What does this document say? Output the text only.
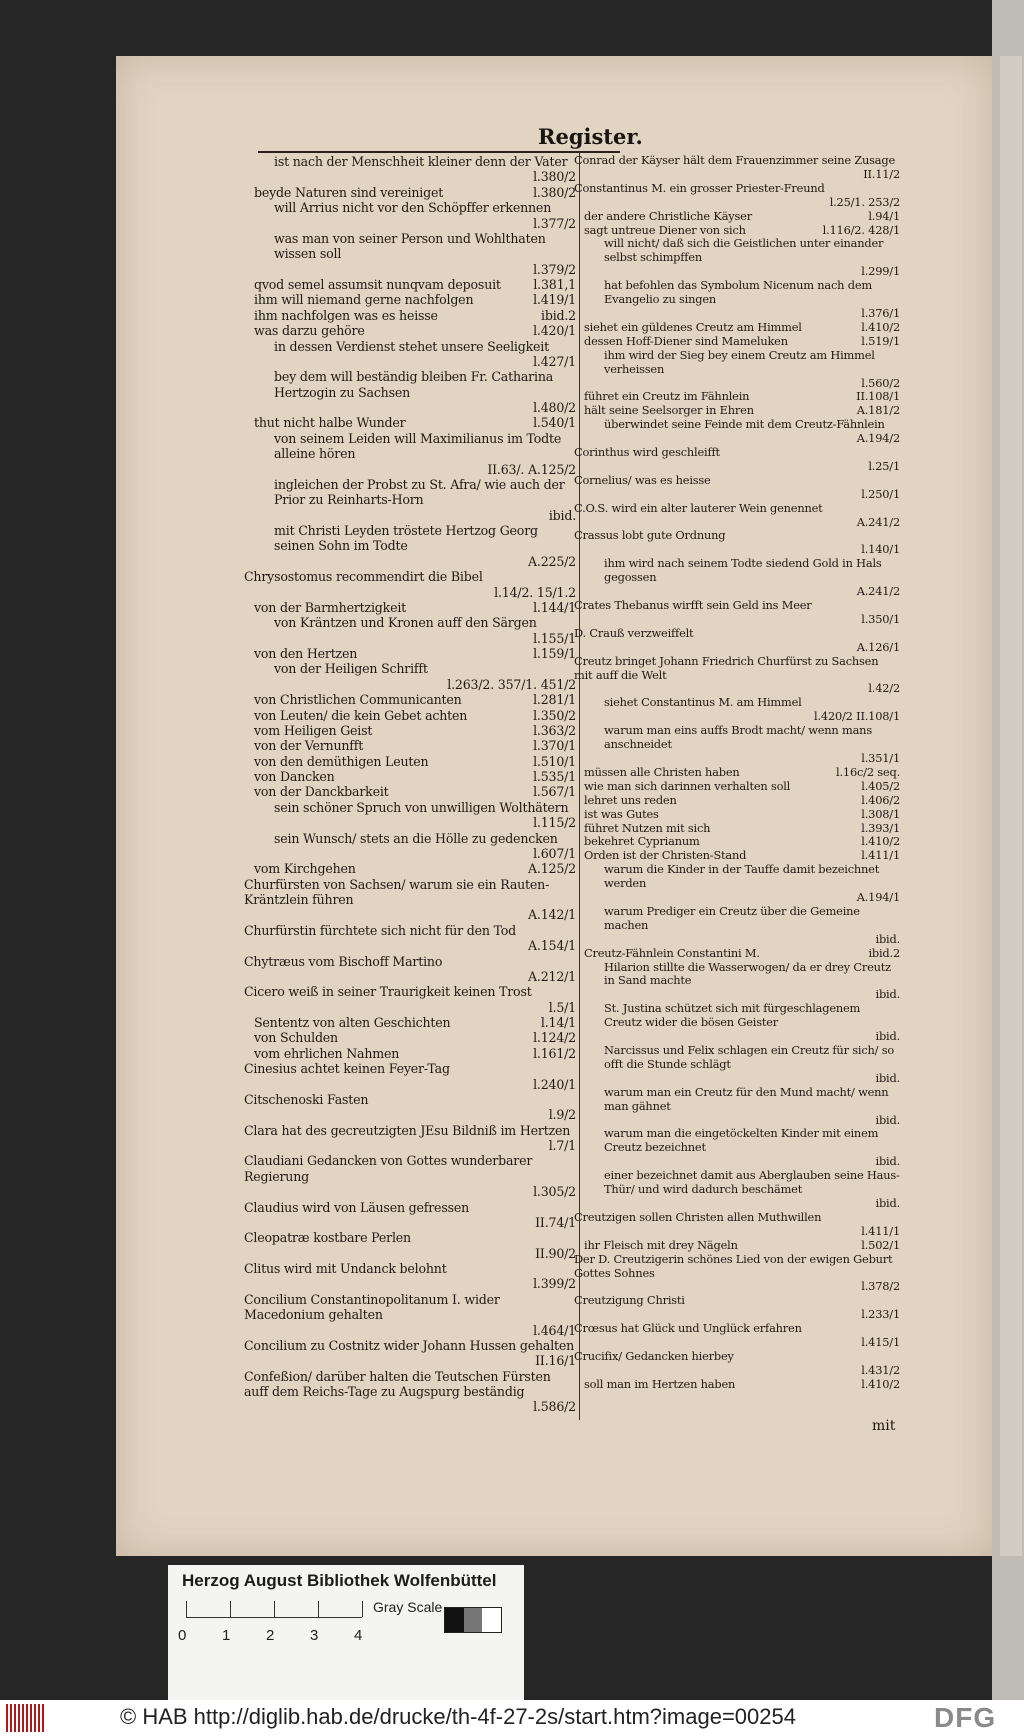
Register.
ist nach der Menschheit kleiner denn der Vater
l.380/2
beyde Naturen sind vereiniget	l.380/2
will Arrius nicht vor den Schöpffer erkennen
l.377/2
was man von seiner Person und Wohlthaten wissen soll
l.379/2
qvod semel assumsit nunqvam deposuit	l.381,1
ihm will niemand gerne nachfolgen	l.419/1
ihm nachfolgen was es heisse	ibid.2
was darzu gehöre	l.420/1
in dessen Verdienst stehet unsere Seeligkeit
l.427/1
bey dem will beständig bleiben Fr. Catharina Hertzogin zu Sachsen
l.480/2
thut nicht halbe Wunder	l.540/1
von seinem Leiden will Maximilianus im Todte alleine hören
II.63/. A.125/2
ingleichen der Probst zu St. Afra/ wie auch der Prior zu Reinharts-Horn
ibid.
mit Christi Leyden tröstete Hertzog Georg seinen Sohn im Todte
A.225/2
Chrysostomus recommendirt die Bibel
l.14/2. 15/1.2
von der Barmhertzigkeit	l.144/1
von Kräntzen und Kronen auff den Särgen
l.155/1
von den Hertzen	l.159/1
von der Heiligen Schrifft
l.263/2. 357/1. 451/2
von Christlichen Communicanten	l.281/1
von Leuten/ die kein Gebet achten	l.350/2
vom Heiligen Geist	l.363/2
von der Vernunfft	l.370/1
von den demüthigen Leuten	l.510/1
von Dancken	l.535/1
von der Danckbarkeit	l.567/1
sein schöner Spruch von unwilligen Wolthätern
l.115/2
sein Wunsch/ stets an die Hölle zu gedencken
l.607/1
vom Kirchgehen	A.125/2
Churfürsten von Sachsen/ warum sie ein Rauten-Kräntzlein führen
A.142/1
Churfürstin fürchtete sich nicht für den Tod
A.154/1
Chytræus vom Bischoff Martino
A.212/1
Cicero weiß in seiner Traurigkeit keinen Trost
l.5/1
Sententz von alten Geschichten	l.14/1
von Schulden	l.124/2
vom ehrlichen Nahmen	l.161/2
Cinesius achtet keinen Feyer-Tag
l.240/1
Citschenoski Fasten
l.9/2
Clara hat des gecreutzigten JEsu Bildniß im Hertzen
l.7/1
Claudiani Gedancken von Gottes wunderbarer Regierung
l.305/2
Claudius wird von Läusen gefressen
II.74/1
Cleopatræ kostbare Perlen
II.90/2
Clitus wird mit Undanck belohnt
l.399/2
Concilium Constantinopolitanum I. wider Macedonium gehalten
l.464/1
Concilium zu Costnitz wider Johann Hussen gehalten
II.16/1
Confeßion/ darüber halten die Teutschen Fürsten auff dem Reichs-Tage zu Augspurg beständig
l.586/2
Conrad der Käyser hält dem Frauenzimmer seine Zusage
II.11/2
Constantinus M. ein grosser Priester-Freund
l.25/1. 253/2
der andere Christliche Käyser	l.94/1
sagt untreue Diener von sich	l.116/2. 428/1
will nicht/ daß sich die Geistlichen unter einander selbst schimpffen
l.299/1
hat befohlen das Symbolum Nicenum nach dem Evangelio zu singen
l.376/1
siehet ein güldenes Creutz am Himmel	l.410/2
dessen Hoff-Diener sind Mameluken	l.519/1
ihm wird der Sieg bey einem Creutz am Himmel verheissen
l.560/2
führet ein Creutz im Fähnlein	II.108/1
hält seine Seelsorger in Ehren	A.181/2
überwindet seine Feinde mit dem Creutz-Fähnlein
A.194/2
Corinthus wird geschleifft
l.25/1
Cornelius/ was es heisse
l.250/1
C.O.S. wird ein alter lauterer Wein genennet
A.241/2
Crassus lobt gute Ordnung
l.140/1
ihm wird nach seinem Todte siedend Gold in Hals gegossen
A.241/2
Crates Thebanus wirfft sein Geld ins Meer
l.350/1
D. Crauß verzweiffelt
A.126/1
Creutz bringet Johann Friedrich Churfürst zu Sachsen mit auff die Welt
l.42/2
siehet Constantinus M. am Himmel
l.420/2 II.108/1
warum man eins auffs Brodt macht/ wenn mans anschneidet
l.351/1
müssen alle Christen haben	l.16c/2 seq.
wie man sich darinnen verhalten soll	l.405/2
lehret uns reden	l.406/2
ist was Gutes	l.308/1
führet Nutzen mit sich	l.393/1
bekehret Cyprianum	l.410/2
Orden ist der Christen-Stand	l.411/1
warum die Kinder in der Tauffe damit bezeichnet werden
A.194/1
warum Prediger ein Creutz über die Gemeine machen
ibid.
Creutz-Fähnlein Constantini M.	ibid.2
Hilarion stillte die Wasserwogen/ da er drey Creutz in Sand machte
ibid.
St. Justina schützet sich mit fürgeschlagenem Creutz wider die bösen Geister
ibid.
Narcissus und Felix schlagen ein Creutz für sich/ so offt die Stunde schlägt
ibid.
warum man ein Creutz für den Mund macht/ wenn man gähnet
ibid.
warum man die eingetöckelten Kinder mit einem Creutz bezeichnet
ibid.
einer bezeichnet damit aus Aberglauben seine Haus-Thür/ und wird dadurch beschämet
ibid.
Creutzigen sollen Christen allen Muthwillen
l.411/1
ihr Fleisch mit drey Nägeln	l.502/1
Der D. Creutzigerin schönes Lied von der ewigen Geburt Gottes Sohnes
l.378/2
Creutzigung Christi
l.233/1
Crœsus hat Glück und Unglück erfahren
l.415/1
Crucifix/ Gedancken hierbey
l.431/2
soll man im Hertzen haben	l.410/2
mit
Herzog August Bibliothek Wolfenbüttel
0 1 2 3 4
Gray Scale
© HAB http://diglib.hab.de/drucke/th-4f-27-2s/start.htm?image=00254	DFG
